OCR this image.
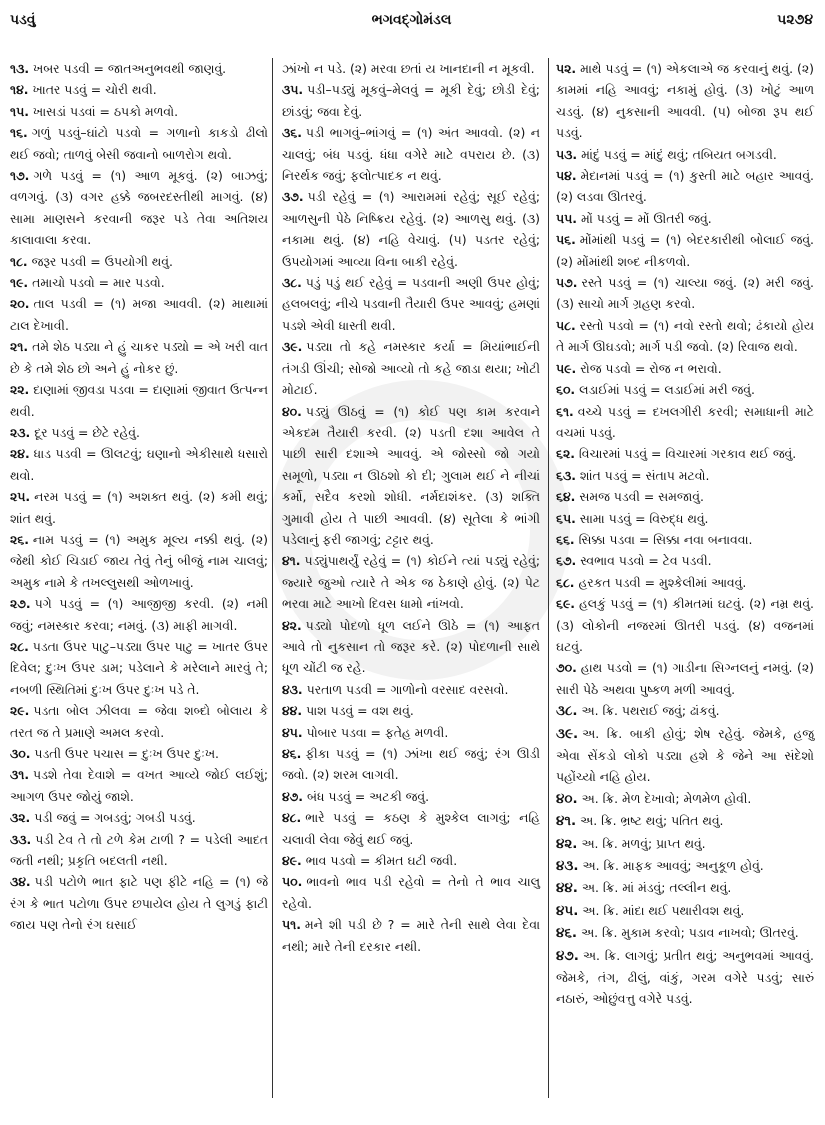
પડવું	ભગવદ્ગોમંડલ	૫૨૭૪

૧૩. ખબર પડવી = જાતઅનુભવથી જાણવું.

૧૪. ખાતર પડવું = ચોરી થવી.

૧૫. ખાસડાં પડવાં = ઠપકો મળવો.

૧૬. ગળું પડવું–ઘાંટો પડવો = ગળાનો કાકડો ઢીલો થઈ જવો; તાળવું બેસી જવાનો બાળરોગ થવો.

૧૭. ગળે પડવું = (૧) આળ મૂકવું. (૨) બાઝવું; વળગવું. (૩) વગર હક્કે જબરદસ્તીથી માગવું. (૪) સામા માણસને કરવાની જરૂર પડે તેવા અતિશય કાલાવાલા કરવા.

૧૮. જરૂર પડવી = ઉપયોગી થવું.

૧૯. તમાચો પડવો = માર પડવો.

૨૦. તાલ પડવી = (૧) મજા આવવી. (૨) માથામાં ટાલ દેખાવી.

૨૧. તમે શેઠ પડ્યા ને હું ચાકર પડ્યો = એ ખરી વાત છે કે તમે શેઠ છો અને હું નોકર છું.

૨૨. દાણામાં જીવડા પડવા = દાણામાં જીવાત ઉત્પન્ન થવી.

૨૩. દૂર પડવું = છેટે રહેવું.

૨૪. ધાડ પડવી = ઊલટવું; ઘણાનો એકીસાથે ધસારો થવો.

૨૫. નરમ પડવું = (૧) અશક્ત થવું. (૨) કમી થવું; શાંત થવું.

૨૬. નામ પડવું = (૧) અમુક મૂલ્ય નક્કી થવું. (૨) જેથી કોઈ ચિડાઈ જાય તેવું તેનું બીજું નામ ચાલવું; અમુક નામે કે તખલ્લુસથી ઓળખાવું.

૨૭. પગે પડવું = (૧) આજીજી કરવી. (૨) નમી જવું; નમસ્કાર કરવા; નમવું. (૩) માફી માગવી.

૨૮. પડતા ઉપર પાટુ–પડ્યા ઉપર પાટુ = ખાતર ઉપર દિવેલ; દુઃખ ઉપર ડામ; પડેલાને કે મરેલાને મારવું તે; નબળી સ્થિતિમાં દુઃખ ઉપર દુઃખ પડે તે.

૨૯. પડતા બોલ ઝીલવા = જેવા શબ્દો બોલાય કે તરત જ તે પ્રમાણે અમલ કરવો.

૩૦. પડતી ઉપર પચાસ = દુઃખ ઉપર દુઃખ.

૩૧. પડશે તેવા દેવાશે = વખત આવ્યે જોઈ લઈશું; આગળ ઉપર જોયું જાશે.

૩૨. પડી જવું = ગબડવું; ગબડી પડવું.

૩૩. પડી ટેવ તે તો ટળે કેમ ટાળી ? = પડેલી આદત જતી નથી; પ્રકૃતિ બદલતી નથી.

૩૪. પડી પટોળે ભાત ફાટે પણ ફીટે નહિ = (૧) જે રંગ કે ભાત પટોળા ઉપર છપાયેલ હોય તે લુગડું ફાટી જાય પણ તેનો રંગ ઘસાઈ

ઝાંખો ન પડે. (૨) મરવા છતાં ય ખાનદાની ન મૂકવી.

૩૫. પડી–પડ્યું મૂકવું–મેલવું = મૂકી દેવું; છોડી દેવું; છાંડવું; જવા દેવું.

૩૬. પડી ભાગવું–ભાંગવું = (૧) અંત આવવો. (૨) ન ચાલવું; બંધ પડવું. ધંધા વગેરે માટે વપરાય છે. (૩) નિરર્થક જવું; ફલોત્પાદક ન થવું.

૩૭. પડી રહેવું = (૧) આરામમાં રહેવું; સૂઈ રહેવું; આળસુની પેઠે નિષ્ક્રિય રહેવું. (૨) આળસુ થવું. (૩) નકામા થવું. (૪) નહિ વેચાવું. (૫) પડતર રહેવું; ઉપયોગમાં આવ્યા વિના બાકી રહેવું.

૩૮. પડું પડું થઈ રહેવું = પડવાની અણી ઉપર હોવું; હલબલવું; નીચે પડવાની તૈયારી ઉપર આવવું; હમણાં પડશે એવી ધાસ્તી થવી.

૩૯. પડ્યા તો કહે નમસ્કાર કર્યા = મિયાંભાઈની તંગડી ઊંચી; સોજો આવ્યો તો કહે જાડા થયા; ખોટી મોટાઈ.

૪૦. પડ્યું ઊઠવું = (૧) કોઈ પણ કામ કરવાને એકદમ તૈયારી કરવી. (૨) પડતી દશા આવેલ તે પાછી સારી દશાએ આવવું. એ જોસ્સો જો ગયો સમૂળો, પડ્યા ન ઊઠશો કો દી; ગુલામ થઈ ને નીચાં કર્મો, સદૈવ કરશો શોધી. નર્મદાશંકર. (૩) શક્તિ ગુમાવી હોય તે પાછી આવવી. (૪) સૂતેલા કે ભાંગી પડેલાનું ફરી જાગવું; ટટ્ટાર થવું.

૪૧. પડ્યુંપાથર્યું રહેવું = (૧) કોઈને ત્યાં પડ્યું રહેવું; જ્યારે જુઓ ત્યારે તે એક જ ઠેકાણે હોવું. (૨) પેટ ભરવા માટે આખો દિવસ ધામો નાંખવો.

૪૨. પડ્યો પોદળો ધૂળ લઈને ઊઠે = (૧) આફત આવે તો નુકસાન તો જરૂર કરે. (૨) પોદળાની સાથે ધૂળ ચોંટી જ રહે.

૪૩. પરતાળ પડવી = ગાળોનો વરસાદ વરસવો.

૪૪. પાશ પડવું = વશ થવું.

૪૫. પોબાર પડવા = ફતેહ મળવી.

૪૬. ફીકા પડવું = (૧) ઝાંખા થઈ જવું; રંગ ઊડી જવો. (૨) શરમ લાગવી.

૪૭. બંધ પડવું = અટકી જવું.

૪૮. ભારે પડવું = કઠણ કે મુશ્કેલ લાગવું; નહિ ચલાવી લેવા જેવું થઈ જવું.

૪૯. ભાવ પડવો = કીમત ઘટી જવી.

૫૦. ભાવનો ભાવ પડી રહેવો = તેનો તે ભાવ ચાલુ રહેવો.

૫૧. મને શી પડી છે ? = મારે તેની સાથે લેવા દેવા નથી; મારે તેની દરકાર નથી.

૫૨. માથે પડવું = (૧) એકલાએ જ કરવાનું થવું. (૨) કામમાં નહિ આવવું; નકામું હોવું. (૩) ખોટું આળ ચડવું. (૪) નુકસાની આવવી. (૫) બોજા રૂપ થઈ પડવું.

૫૩. માંદું પડવું = માંદું થવું; તબિયત બગડવી.

૫૪. મેદાનમાં પડવું = (૧) કુસ્તી માટે બહાર આવવું. (૨) લડવા ઊતરવું.

૫૫. મોં પડવું = મોં ઊતરી જવું.

૫૬. મોંમાંથી પડવું = (૧) બેદરકારીથી બોલાઈ જવું. (૨) મોંમાંથી શબ્દ નીકળવો.

૫૭. રસ્તે પડવું = (૧) ચાલ્યા જવું. (૨) મરી જવું. (૩) સાચો માર્ગ ગ્રહણ કરવો.

૫૮. રસ્તો પડવો = (૧) નવો રસ્તો થવો; ઢંકાયો હોય તે માર્ગ ઊઘડવો; માર્ગ પડી જવો. (૨) રિવાજ થવો.

૫૯. રોજ પડવો = રોજ ન ભરાવો.

૬૦. લડાઈમાં પડવું = લડાઈમાં મરી જવું.

૬૧. વચ્ચે પડવું = દખલગીરી કરવી; સમાધાની માટે વચમાં પડવું.

૬૨. વિચારમાં પડવું = વિચારમાં ગરકાવ થઈ જવું.

૬૩. શાંત પડવું = સંતાપ મટવો.

૬૪. સમજ પડવી = સમજાવું.

૬૫. સામા પડવું = વિરુદ્ધ થવું.

૬૬. સિક્કા પડવા = સિક્કા નવા બનાવવા.

૬૭. સ્વભાવ પડવો = ટેવ પડવી.

૬૮. હરકત પડવી = મુશ્કેલીમાં આવવું.

૬૯. હલકું પડવું = (૧) કીમતમાં ઘટવું. (૨) નમ્ર થવું. (૩) લોકોની નજરમાં ઊતરી પડવું. (૪) વજનમાં ઘટવું.

૭૦. હાથ પડવો = (૧) ગાડીના સિગ્નલનું નમવું. (૨) સારી પેઠે અથવા પુષ્કળ મળી આવવું.

૩૮. અ. ક્રિ. પથરાઈ જવું; ઢાંકવું.

૩૯. અ. ક્રિ. બાકી હોવું; શેષ રહેવું. જેમકે, હજુ એવા સેંકડો લોકો પડ્યા હશે કે જેને આ સંદેશો પહોંચ્યો નહિ હોય.

૪૦. અ. ક્રિ. મેળ દેખાવો; મેળમેળ હોવી.

૪૧. અ. ક્રિ. ભ્રષ્ટ થવું; પતિત થવું.

૪૨. અ. ક્રિ. મળવું; પ્રાપ્ત થવું.

૪૩. અ. ક્રિ. માફક આવવું; અનુકૂળ હોવું.

૪૪. અ. ક્રિ. માં મંડવું; તલ્લીન થવું.

૪૫. અ. ક્રિ. માંદા થઈ પથારીવશ થવું.

૪૬. અ. ક્રિ. મુકામ કરવો; પડાવ નાખવો; ઊતરવું.

૪૭. અ. ક્રિ. લાગવું; પ્રતીત થવું; અનુભવમાં આવવું. જેમકે, તંગ, ઢીલું, વાંકું, ગરમ વગેરે પડવું; સારું નઠારું, ઓછુંવત્તુ વગેરે પડવું.
